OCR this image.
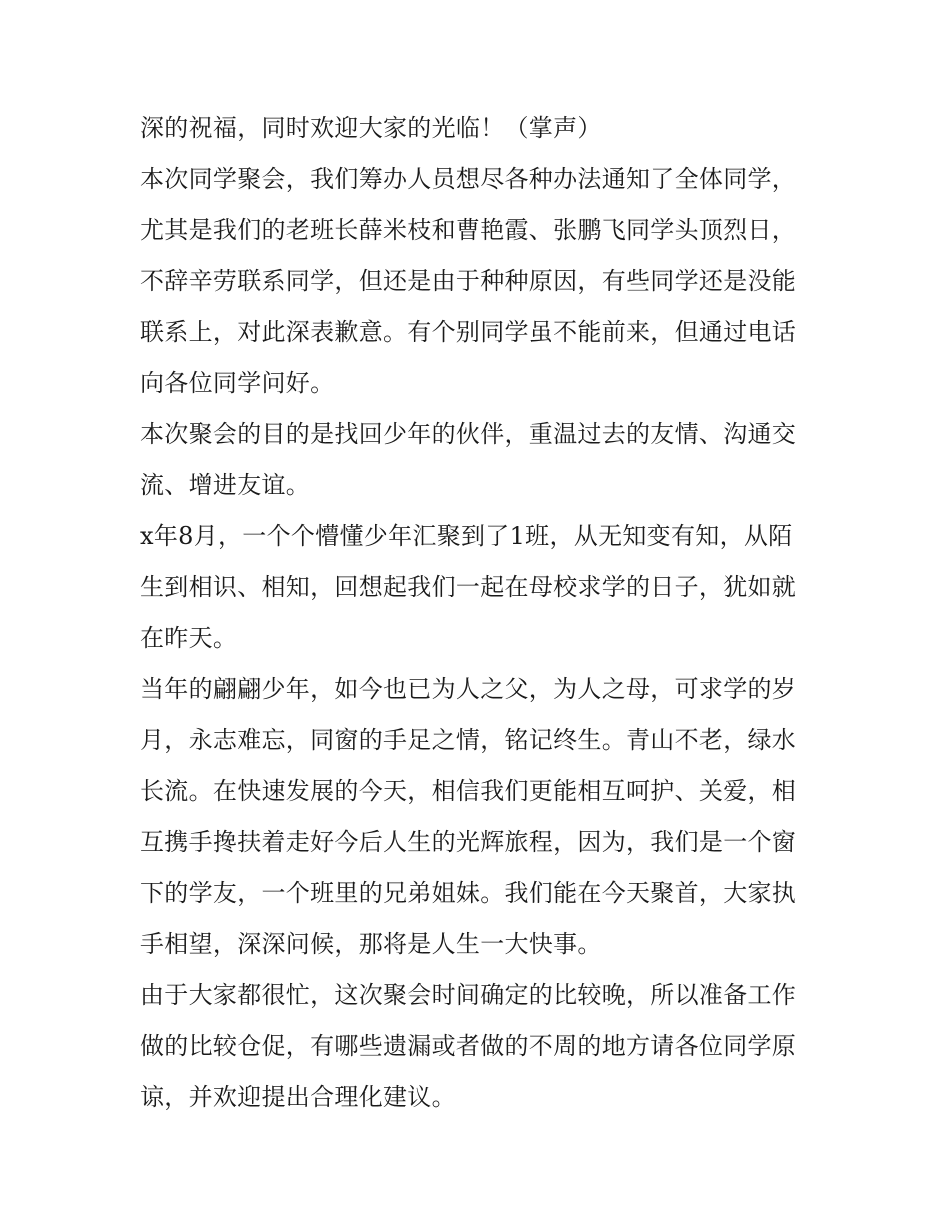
深的祝福，同时欢迎大家的光临！（掌声）

本次同学聚会，我们筹办人员想尽各种办法通知了全体同学，尤其是我们的老班长薛米枝和曹艳霞、张鹏飞同学头顶烈日，不辞辛劳联系同学，但还是由于种种原因，有些同学还是没能联系上，对此深表歉意。有个别同学虽不能前来，但通过电话向各位同学问好。

本次聚会的目的是找回少年的伙伴，重温过去的友情、沟通交流、增进友谊。

x年8月，一个个懵懂少年汇聚到了1班，从无知变有知，从陌生到相识、相知，回想起我们一起在母校求学的日子，犹如就在昨天。

当年的翩翩少年，如今也已为人之父，为人之母，可求学的岁月，永志难忘，同窗的手足之情，铭记终生。青山不老，绿水长流。在快速发展的今天，相信我们更能相互呵护、关爱，相互携手搀扶着走好今后人生的光辉旅程，因为，我们是一个窗下的学友，一个班里的兄弟姐妹。我们能在今天聚首，大家执手相望，深深问候，那将是人生一大快事。

由于大家都很忙，这次聚会时间确定的比较晚，所以准备工作做的比较仓促，有哪些遗漏或者做的不周的地方请各位同学原谅，并欢迎提出合理化建议。
